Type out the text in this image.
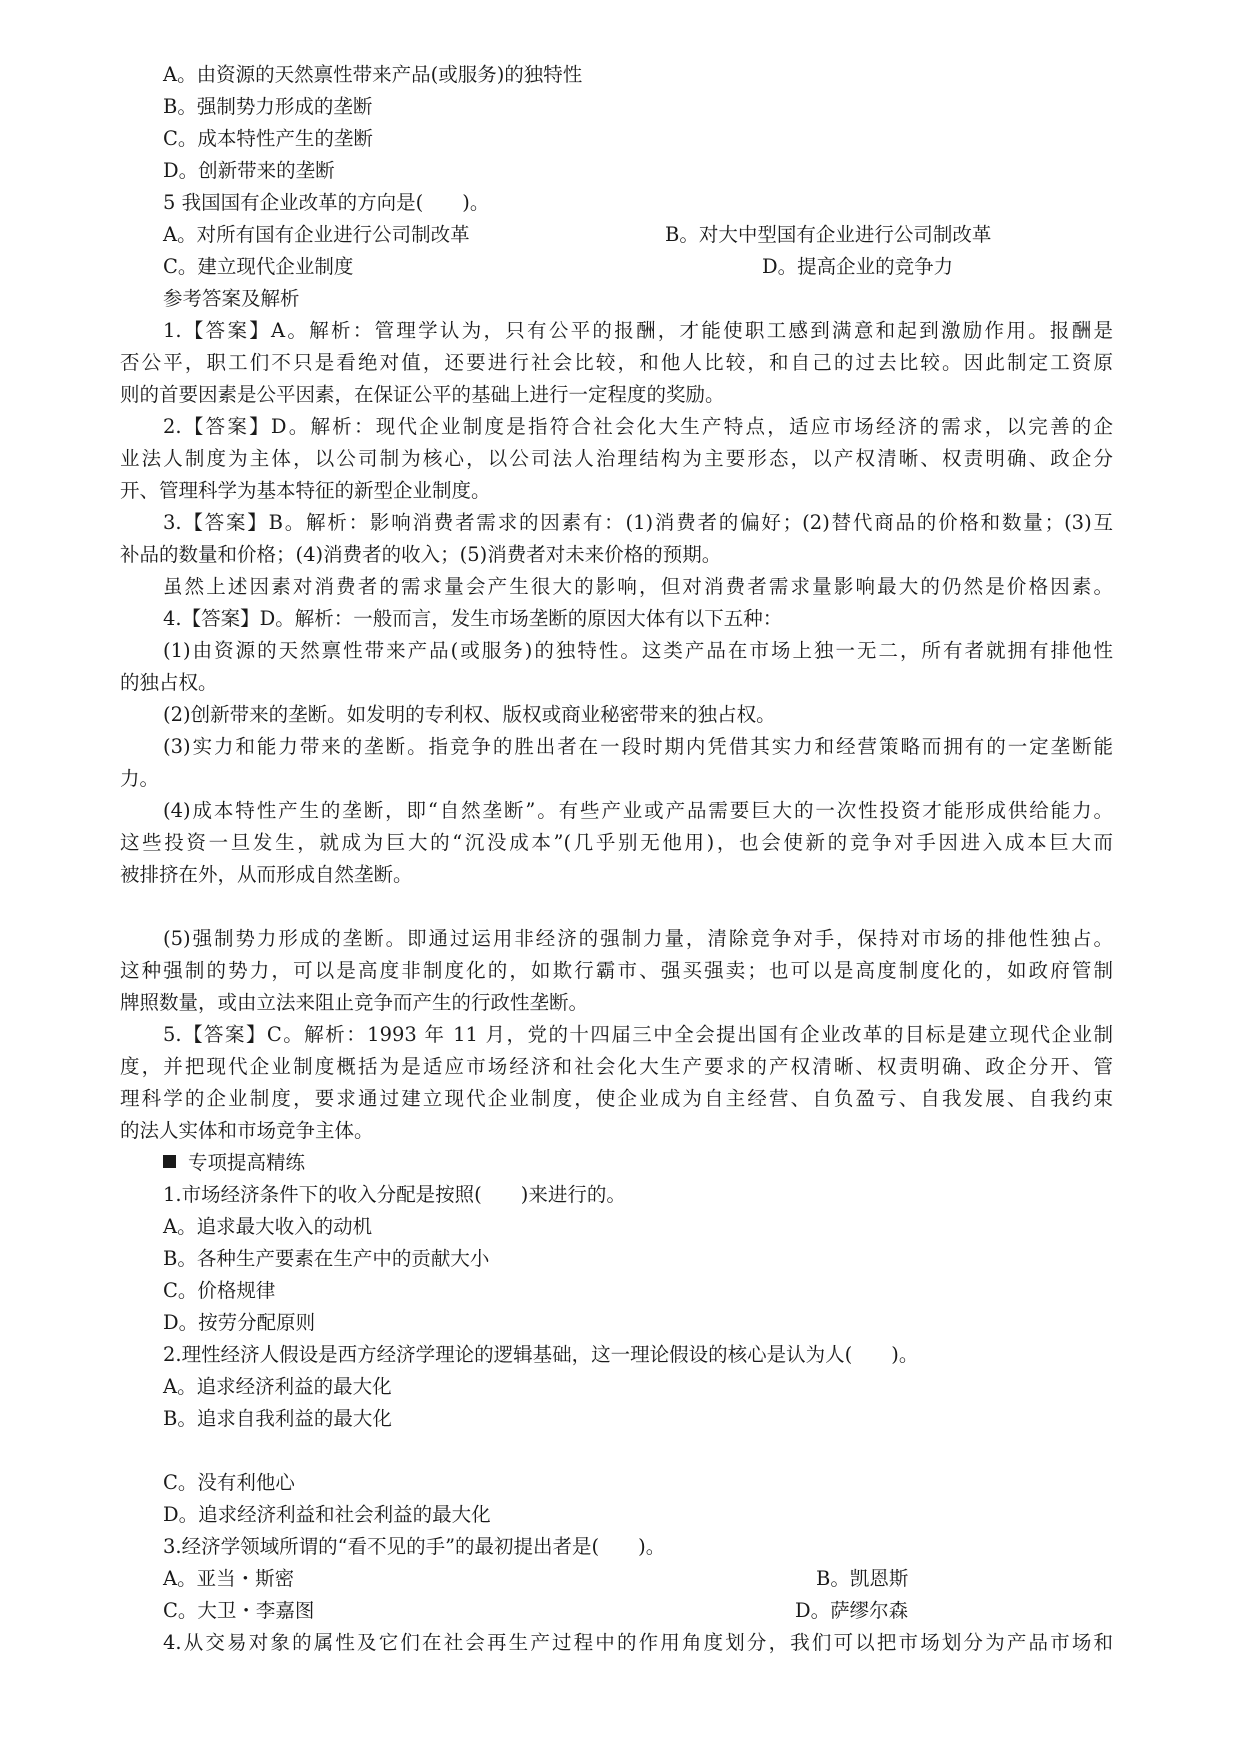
A。由资源的天然禀性带来产品(或服务)的独特性
B。强制势力形成的垄断
C。成本特性产生的垄断
D。创新带来的垄断
5 我国国有企业改革的方向是(　　)。
A。对所有国有企业进行公司制改革	B。对大中型国有企业进行公司制改革
C。建立现代企业制度	D。提高企业的竞争力
参考答案及解析
1.【答案】A。解析：管理学认为，只有公平的报酬，才能使职工感到满意和起到激励作用。报酬是
否公平，职工们不只是看绝对值，还要进行社会比较，和他人比较，和自己的过去比较。因此制定工资原
则的首要因素是公平因素，在保证公平的基础上进行一定程度的奖励。
2.【答案】D。解析：现代企业制度是指符合社会化大生产特点，适应市场经济的需求，以完善的企
业法人制度为主体，以公司制为核心，以公司法人治理结构为主要形态，以产权清晰、权责明确、政企分
开、管理科学为基本特征的新型企业制度。
3.【答案】B。解析：影响消费者需求的因素有：(1)消费者的偏好；(2)替代商品的价格和数量；(3)互
补品的数量和价格；(4)消费者的收入；(5)消费者对未来价格的预期。
虽然上述因素对消费者的需求量会产生很大的影响，但对消费者需求量影响最大的仍然是价格因素。
4.【答案】D。解析：一般而言，发生市场垄断的原因大体有以下五种：
(1)由资源的天然禀性带来产品(或服务)的独特性。这类产品在市场上独一无二，所有者就拥有排他性
的独占权。
(2)创新带来的垄断。如发明的专利权、版权或商业秘密带来的独占权。
(3)实力和能力带来的垄断。指竞争的胜出者在一段时期内凭借其实力和经营策略而拥有的一定垄断能
力。
(4)成本特性产生的垄断，即“自然垄断”。有些产业或产品需要巨大的一次性投资才能形成供给能力。
这些投资一旦发生，就成为巨大的“沉没成本”(几乎别无他用)，也会使新的竞争对手因进入成本巨大而
被排挤在外，从而形成自然垄断。
(5)强制势力形成的垄断。即通过运用非经济的强制力量，清除竞争对手，保持对市场的排他性独占。
这种强制的势力，可以是高度非制度化的，如欺行霸市、强买强卖；也可以是高度制度化的，如政府管制
牌照数量，或由立法来阻止竞争而产生的行政性垄断。
5.【答案】C。解析：1993 年 11 月，党的十四届三中全会提出国有企业改革的目标是建立现代企业制
度，并把现代企业制度概括为是适应市场经济和社会化大生产要求的产权清晰、权责明确、政企分开、管
理科学的企业制度，要求通过建立现代企业制度，使企业成为自主经营、自负盈亏、自我发展、自我约束
的法人实体和市场竞争主体。
专项提高精练
1.市场经济条件下的收入分配是按照(　　)来进行的。
A。追求最大收入的动机
B。各种生产要素在生产中的贡献大小
C。价格规律
D。按劳分配原则
2.理性经济人假设是西方经济学理论的逻辑基础，这一理论假设的核心是认为人(　　)。
A。追求经济利益的最大化
B。追求自我利益的最大化
C。没有利他心
D。追求经济利益和社会利益的最大化
3.经济学领域所谓的“看不见的手”的最初提出者是(　　)。
A。亚当・斯密	B。凯恩斯
C。大卫・李嘉图	D。萨缪尔森
4.从交易对象的属性及它们在社会再生产过程中的作用角度划分，我们可以把市场划分为产品市场和
